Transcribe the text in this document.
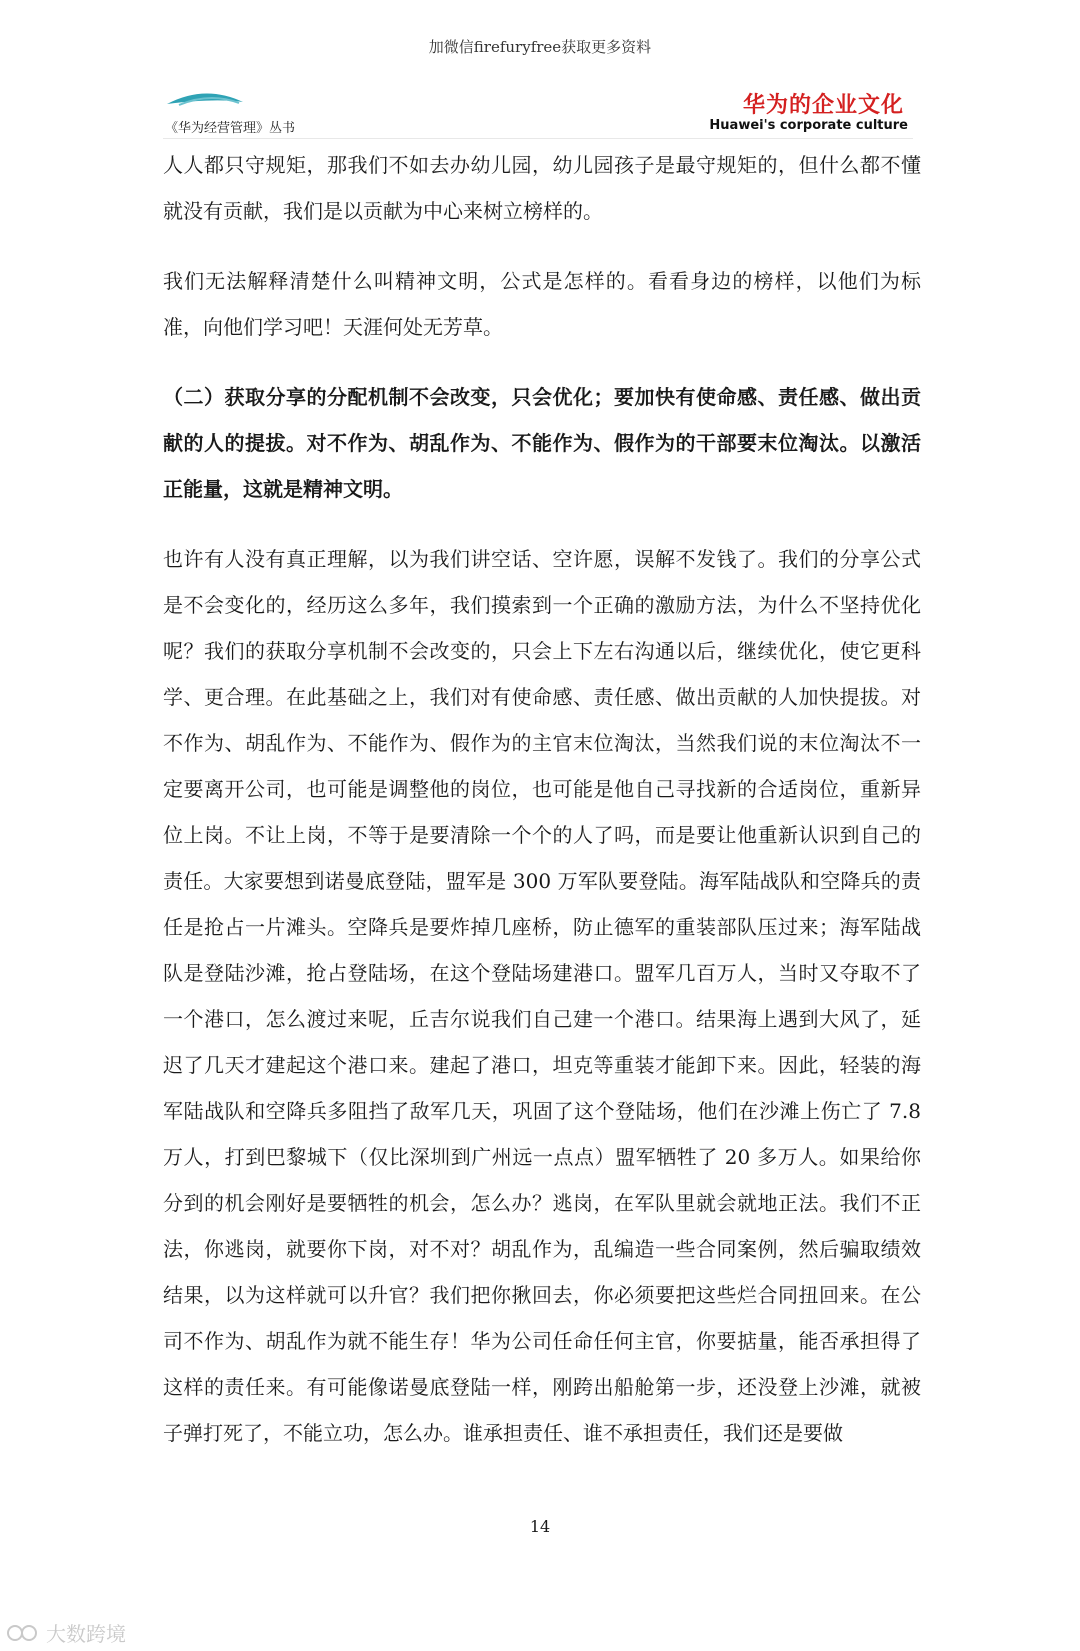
加微信firefuryfree获取更多资料
《华为经营管理》丛书
华为的企业文化
Huawei's corporate culture

人人都只守规矩，那我们不如去办幼儿园，幼儿园孩子是最守规矩的，但什么都不懂就没有贡献，我们是以贡献为中心来树立榜样的。

我们无法解释清楚什么叫精神文明，公式是怎样的。看看身边的榜样，以他们为标准，向他们学习吧！天涯何处无芳草。

（二）获取分享的分配机制不会改变，只会优化；要加快有使命感、责任感、做出贡献的人的提拔。对不作为、胡乱作为、不能作为、假作为的干部要末位淘汰。以激活正能量，这就是精神文明。

也许有人没有真正理解，以为我们讲空话、空许愿，误解不发钱了。我们的分享公式是不会变化的，经历这么多年，我们摸索到一个正确的激励方法，为什么不坚持优化呢？我们的获取分享机制不会改变的，只会上下左右沟通以后，继续优化，使它更科学、更合理。在此基础之上，我们对有使命感、责任感、做出贡献的人加快提拔。对不作为、胡乱作为、不能作为、假作为的主官末位淘汰，当然我们说的末位淘汰不一定要离开公司，也可能是调整他的岗位，也可能是他自己寻找新的合适岗位，重新异位上岗。不让上岗，不等于是要清除一个个的人了吗，而是要让他重新认识到自己的责任。大家要想到诺曼底登陆，盟军是 300 万军队要登陆。海军陆战队和空降兵的责任是抢占一片滩头。空降兵是要炸掉几座桥，防止德军的重装部队压过来；海军陆战队是登陆沙滩，抢占登陆场，在这个登陆场建港口。盟军几百万人，当时又夺取不了一个港口，怎么渡过来呢，丘吉尔说我们自己建一个港口。结果海上遇到大风了，延迟了几天才建起这个港口来。建起了港口，坦克等重装才能卸下来。因此，轻装的海军陆战队和空降兵多阻挡了敌军几天，巩固了这个登陆场，他们在沙滩上伤亡了 7.8 万人，打到巴黎城下（仅比深圳到广州远一点点）盟军牺牲了 20 多万人。如果给你分到的机会刚好是要牺牲的机会，怎么办？逃岗，在军队里就会就地正法。我们不正法，你逃岗，就要你下岗，对不对？胡乱作为，乱编造一些合同案例，然后骗取绩效结果，以为这样就可以升官？我们把你揪回去，你必须要把这些烂合同扭回来。在公司不作为、胡乱作为就不能生存！华为公司任命任何主官，你要掂量，能否承担得了这样的责任来。有可能像诺曼底登陆一样，刚跨出船舱第一步，还没登上沙滩，就被子弹打死了，不能立功，怎么办。谁承担责任、谁不承担责任，我们还是要做

14
大数跨境
